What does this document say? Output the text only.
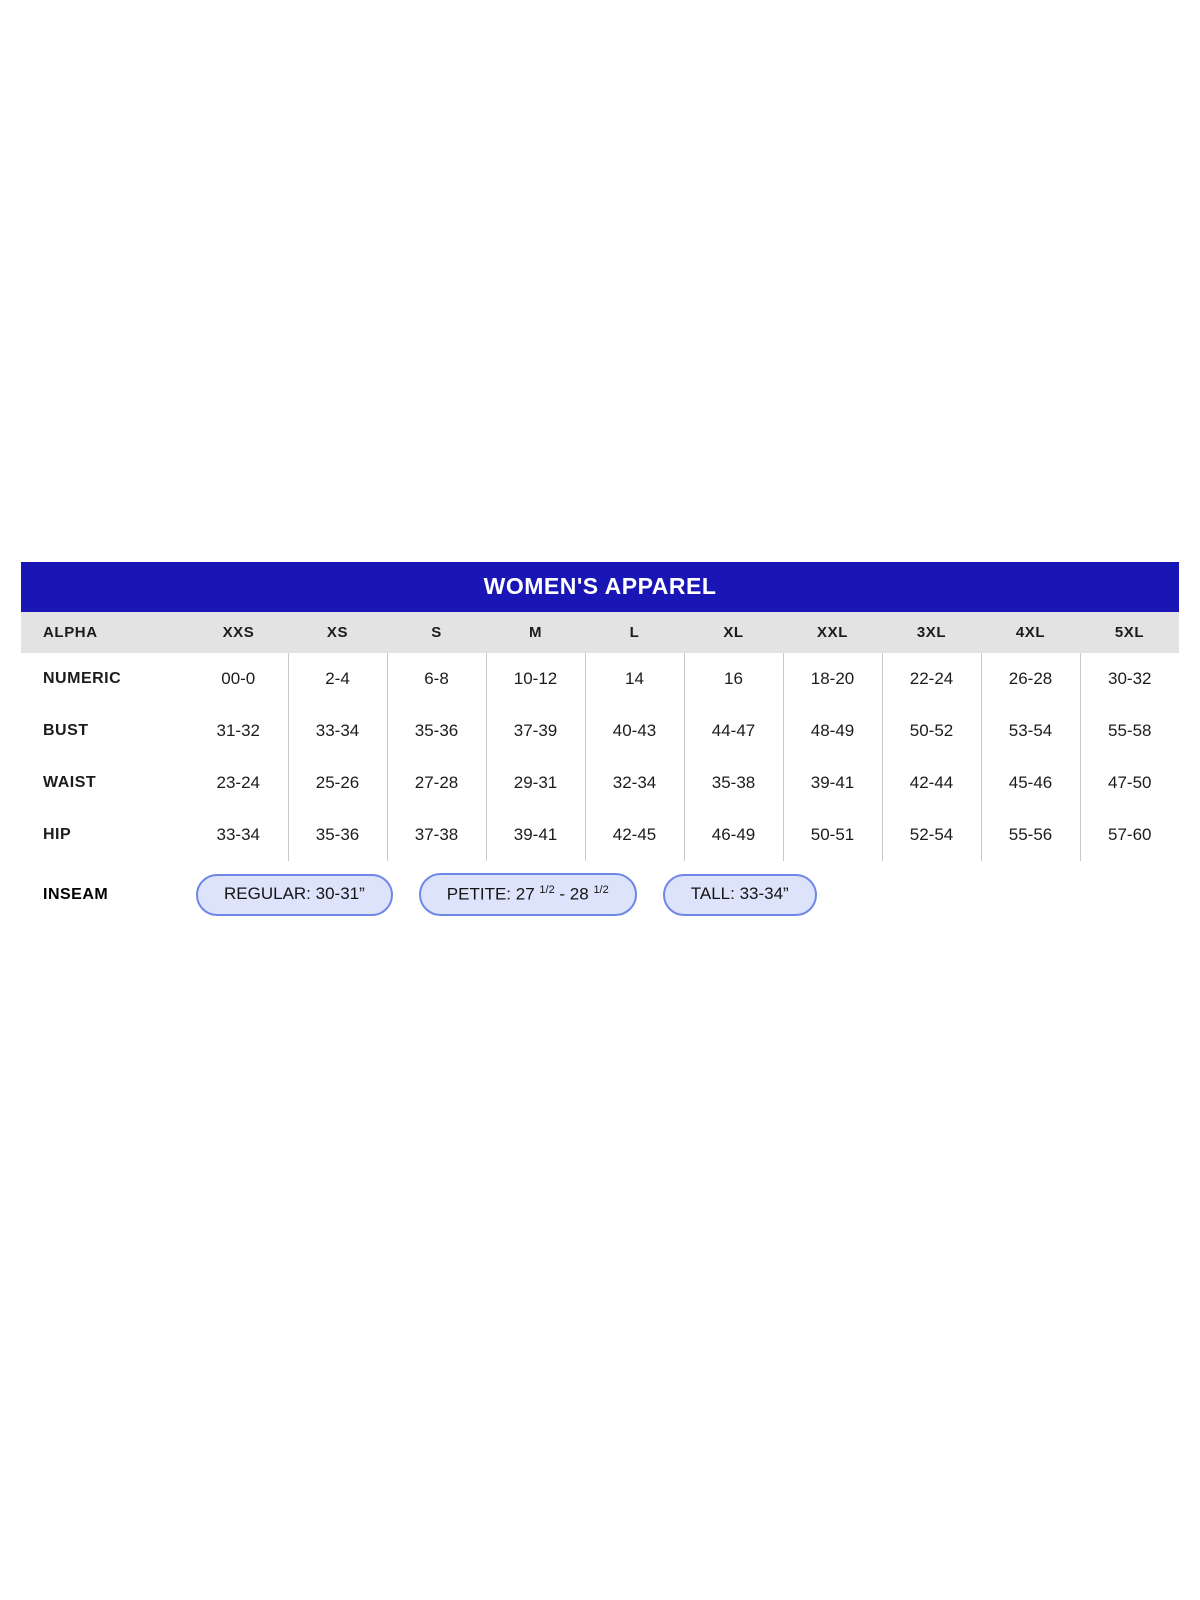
WOMEN'S APPAREL
ALPHA	XXS	XS	S	M	L	XL	XXL	3XL	4XL	5XL
NUMERIC	00-0	2-4	6-8	10-12	14	16	18-20	22-24	26-28	30-32
BUST	31-32	33-34	35-36	37-39	40-43	44-47	48-49	50-52	53-54	55-58
WAIST	23-24	25-26	27-28	29-31	32-34	35-38	39-41	42-44	45-46	47-50
HIP	33-34	35-36	37-38	39-41	42-45	46-49	50-51	52-54	55-56	57-60
INSEAM	REGULAR: 30-31” PETITE: 27 $^{1/2}$ - 28 $^{1/2}$ TALL: 33-34”									
